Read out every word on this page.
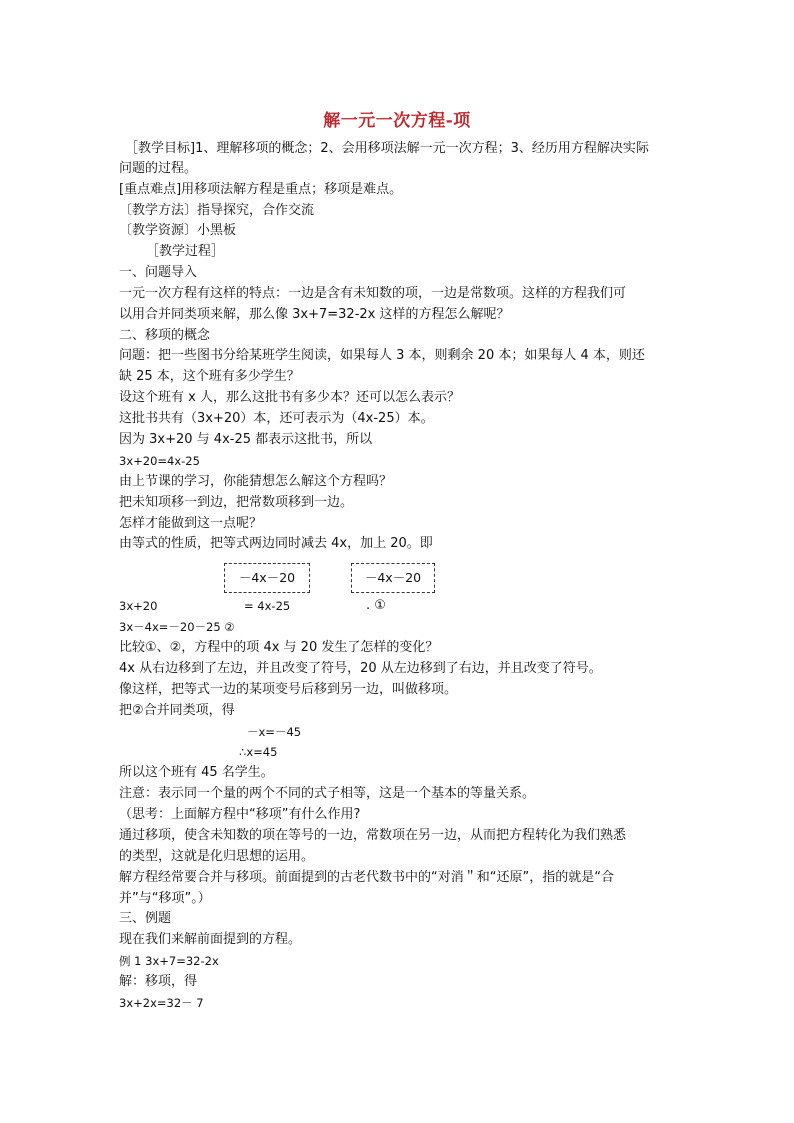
解一元一次方程-项
［教学目标]1、理解移项的概念；2、会用移项法解一元一次方程；3、经历用方程解决实际
问题的过程。
[重点难点]用移项法解方程是重点；移项是难点。
〔教学方法〕指导探究，合作交流
〔教学资源〕小黑板
［教学过程］
一、问题导入
一元一次方程有这样的特点：一边是含有未知数的项，一边是常数项。这样的方程我们可
以用合并同类项来解，那么像 3x+7=32-2x 这样的方程怎么解呢？
二、移项的概念
问题：把一些图书分给某班学生阅读，如果每人 3 本，则剩余 20 本；如果每人 4 本，则还
缺 25 本，这个班有多少学生？
设这个班有 x 人，那么这批书有多少本？还可以怎么表示？
这批书共有（3x+20）本，还可表示为（4x-25）本。
因为 3x+20 与 4x-25 都表示这批书，所以
3x+20=4x-25
由上节课的学习，你能猜想怎么解这个方程吗？
把未知项移一到边，把常数项移到一边。
怎样才能做到这一点呢？
由等式的性质，把等式两边同时减去 4x，加上 20。即
－4x－20	－4x－20
3x+20	= 4x-25	. ①
3x－4x=－20－25 ②
比较①、②，方程中的项 4x 与 20 发生了怎样的变化？
4x 从右边移到了左边，并且改变了符号，20 从左边移到了右边，并且改变了符号。
像这样，把等式一边的某项变号后移到另一边，叫做移项。
把②合并同类项，得
－x=－45
∴x=45
所以这个班有 45 名学生。
注意：表示同一个量的两个不同的式子相等，这是一个基本的等量关系。
（思考：上面解方程中“移项”有什么作用?
通过移项，使含未知数的项在等号的一边，常数项在另一边，从而把方程转化为我们熟悉
的类型，这就是化归思想的运用。
解方程经常要合并与移项。前面提到的古老代数书中的“对消＂和“还原”，指的就是“合
并”与“移项”。）
三、例题
现在我们来解前面提到的方程。
例 1 3x+7=32-2x
解：移项，得
3x+2x=32－ 7
